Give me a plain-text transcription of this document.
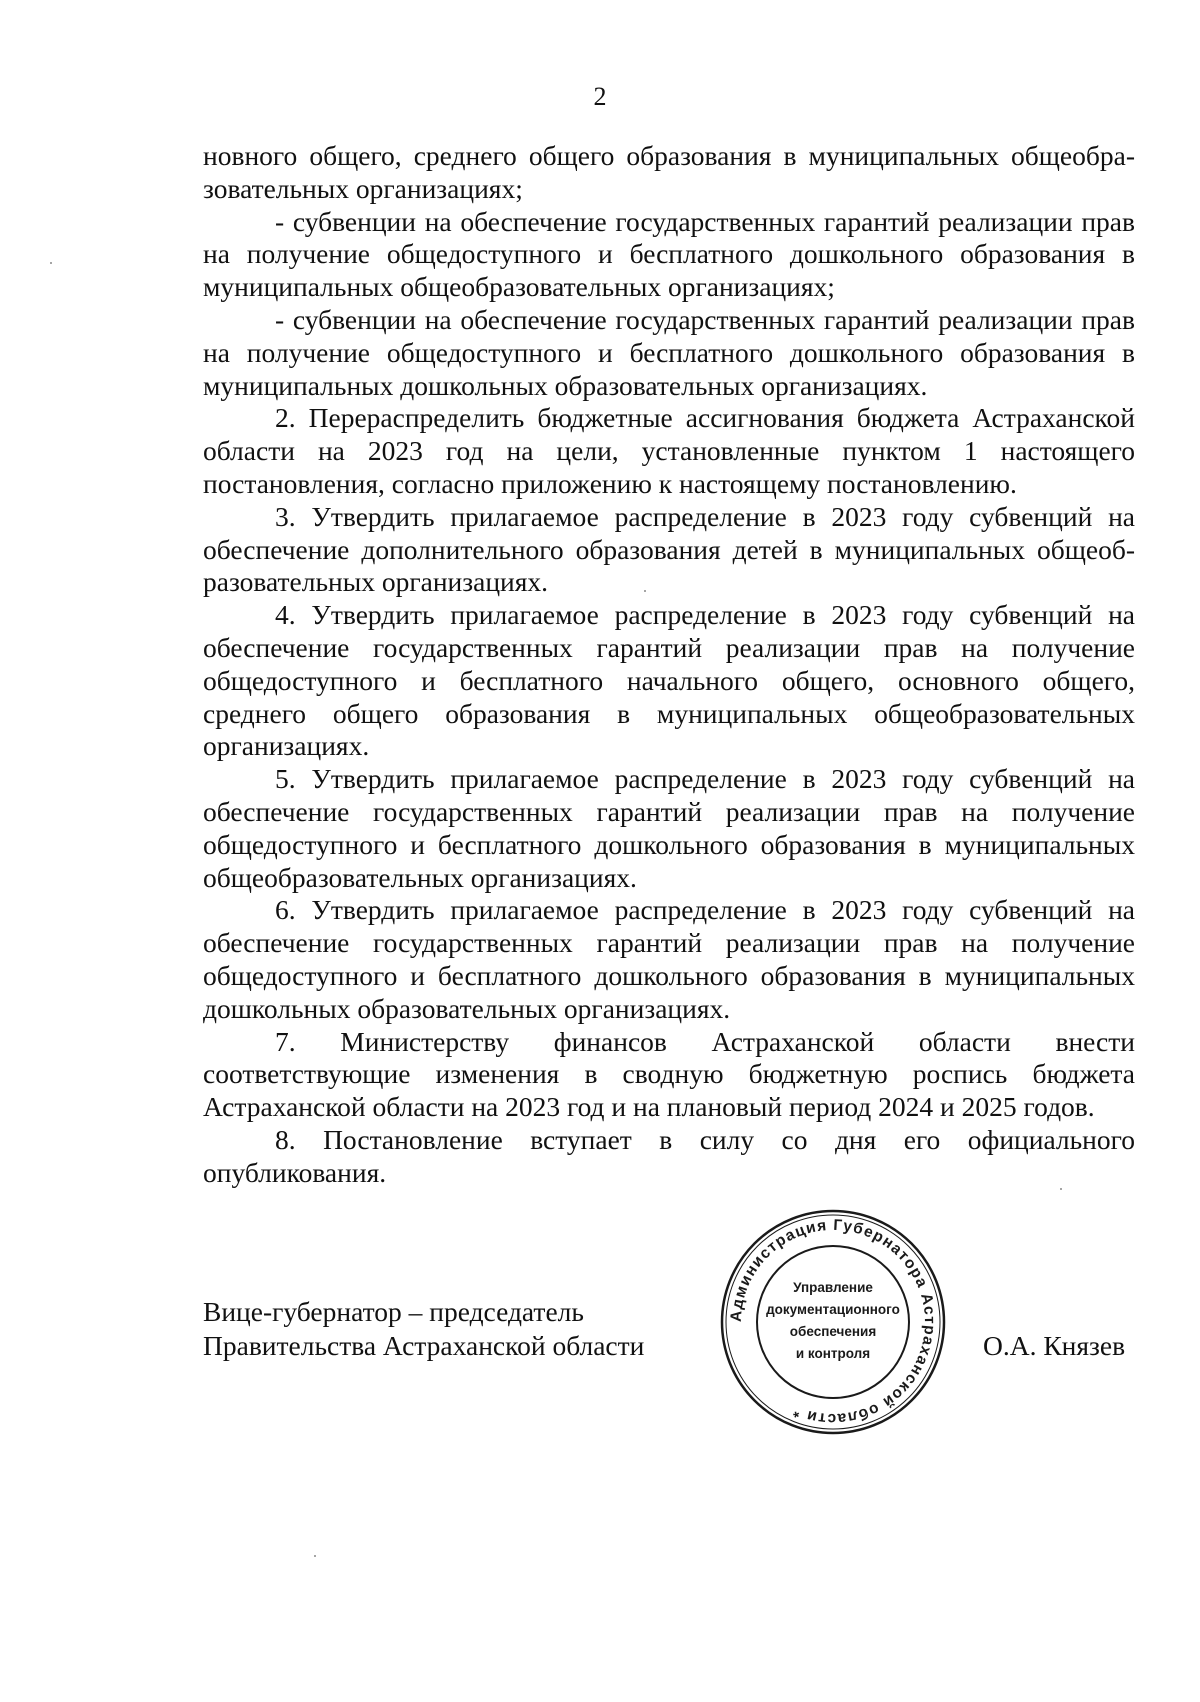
2

новного общего, среднего общего образования в муниципальных общеобразовательных организациях;

- субвенции на обеспечение государственных гарантий реализации прав на получение общедоступного и бесплатного дошкольного образования в муниципальных общеобразовательных организациях;

- субвенции на обеспечение государственных гарантий реализации прав на получение общедоступного и бесплатного дошкольного образования в муниципальных дошкольных образовательных организациях.

2. Перераспределить бюджетные ассигнования бюджета Астраханской области на 2023 год на цели, установленные пунктом 1 настоящего постановления, согласно приложению к настоящему постановлению.

3. Утвердить прилагаемое распределение в 2023 году субвенций на обеспечение дополнительного образования детей в муниципальных общеобразовательных организациях.

4. Утвердить прилагаемое распределение в 2023 году субвенций на обеспечение государственных гарантий реализации прав на получение общедоступного и бесплатного начального общего, основного общего, среднего общего образования в муниципальных общеобразовательных организациях.

5. Утвердить прилагаемое распределение в 2023 году субвенций на обеспечение государственных гарантий реализации прав на получение общедоступного и бесплатного дошкольного образования в муниципальных общеобразовательных организациях.

6. Утвердить прилагаемое распределение в 2023 году субвенций на обеспечение государственных гарантий реализации прав на получение общедоступного и бесплатного дошкольного образования в муниципальных дошкольных образовательных организациях.

7. Министерству финансов Астраханской области внести соответствующие изменения в сводную бюджетную роспись бюджета Астраханской области на 2023 год и на плановый период 2024 и 2025 годов.

8. Постановление вступает в силу со дня его официального опубликования.

Вице-губернатор – председатель
Правительства Астраханской области	О.А. Князев
Администрация Губернатора Астраханской области *
Управление
документационного
обеспечения
и контроля
